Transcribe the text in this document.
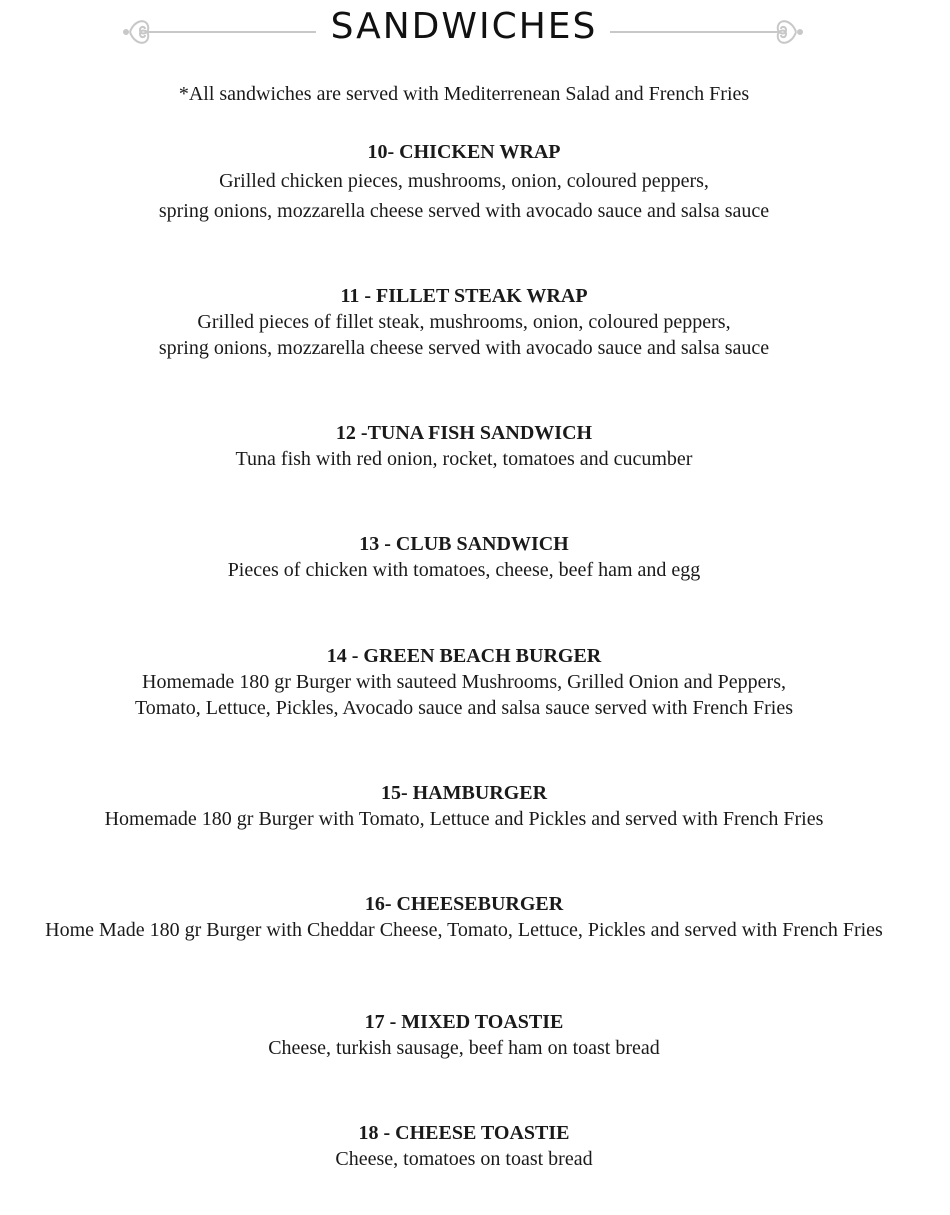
SANDWICHES
*All sandwiches are served with Mediterrenean Salad and French Fries
10- CHICKEN WRAP
Grilled chicken pieces, mushrooms, onion, coloured peppers,
spring onions, mozzarella cheese served with avocado sauce and salsa sauce
11 - FILLET STEAK WRAP
Grilled pieces of fillet steak, mushrooms, onion, coloured peppers,
spring onions, mozzarella cheese served with avocado sauce and salsa sauce
12 -TUNA FISH SANDWICH
Tuna fish with red onion, rocket, tomatoes and cucumber
13 - CLUB SANDWICH
Pieces of chicken with tomatoes, cheese, beef ham and egg
14 - GREEN BEACH BURGER
Homemade 180 gr Burger with sauteed Mushrooms, Grilled Onion and Peppers,
Tomato, Lettuce, Pickles, Avocado sauce and salsa sauce served with French Fries
15- HAMBURGER
Homemade 180 gr Burger with Tomato, Lettuce and Pickles and served with French Fries
16- CHEESEBURGER
Home Made 180 gr Burger with Cheddar Cheese, Tomato, Lettuce, Pickles and served with French Fries
17 - MIXED TOASTIE
Cheese, turkish sausage, beef ham on toast bread
18 - CHEESE TOASTIE
Cheese, tomatoes on toast bread
